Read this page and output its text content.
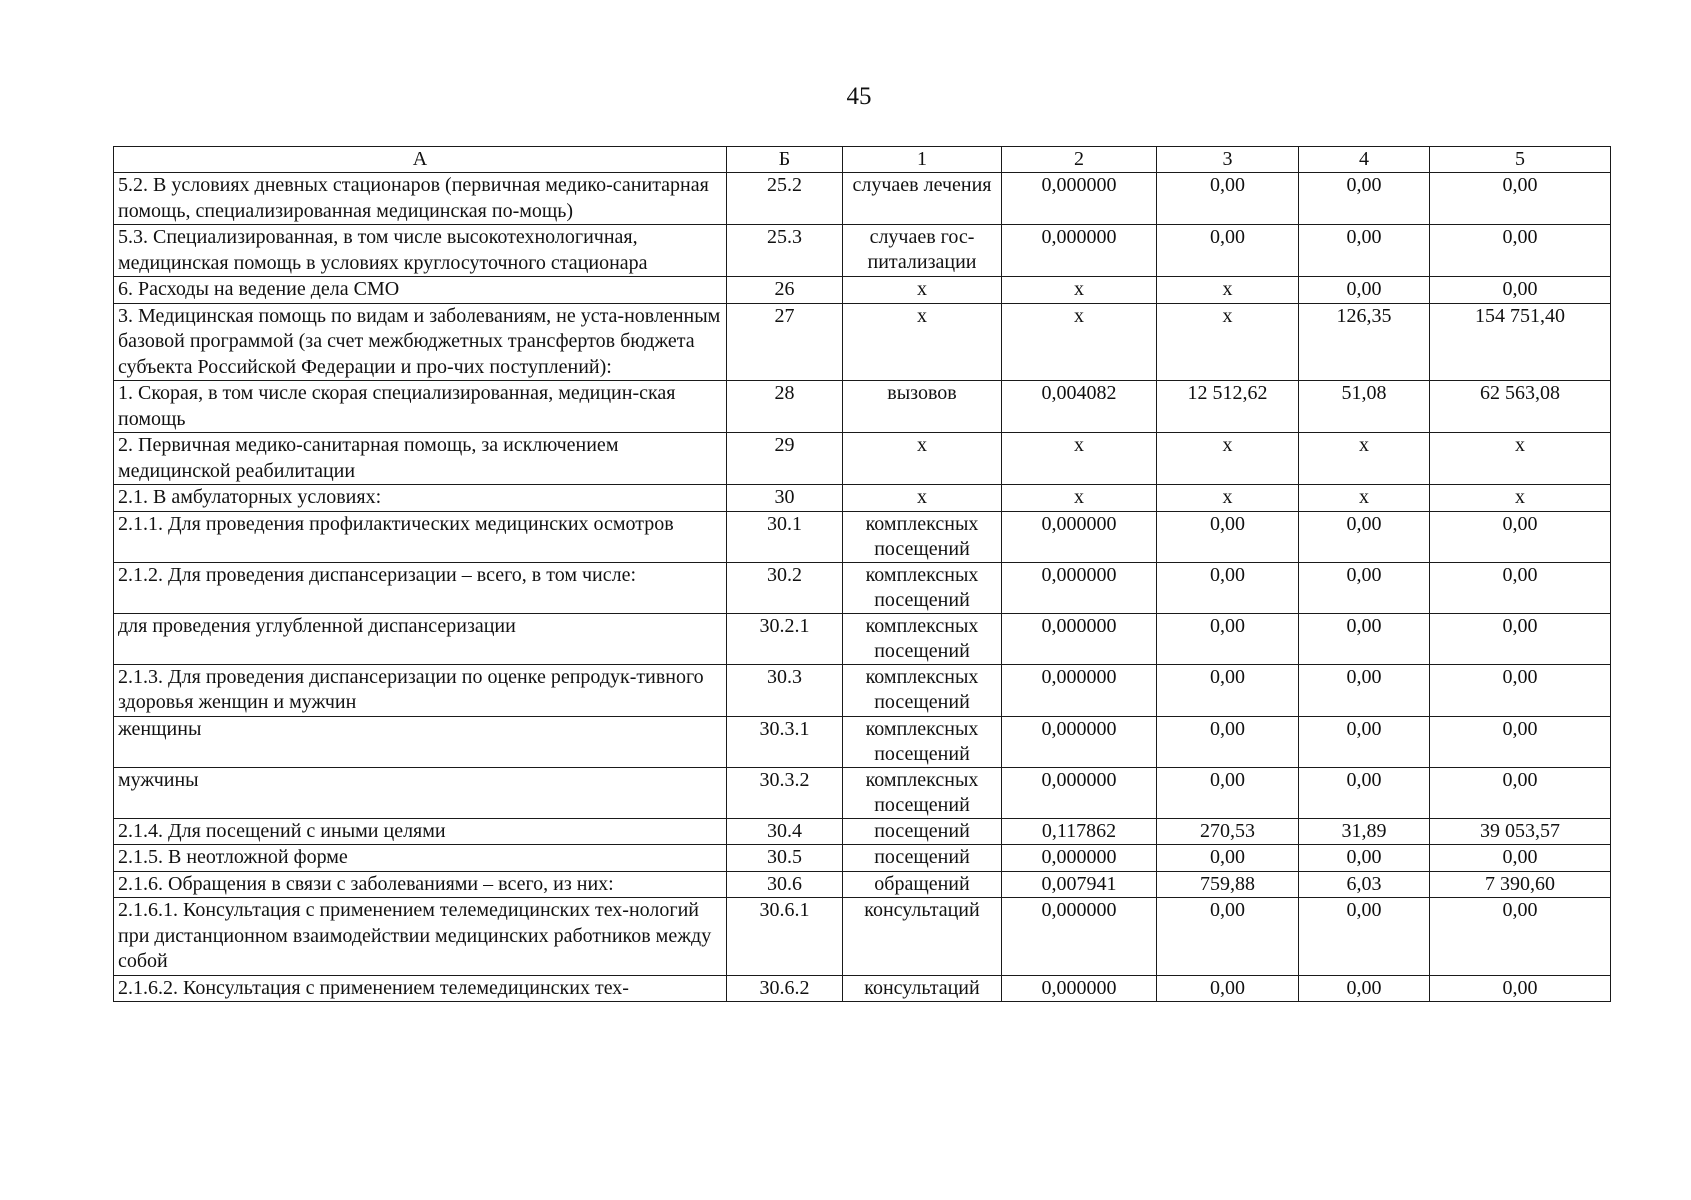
45
А	Б	1	2	3	4	5
5.2. В условиях дневных стационаров (первичная медико-санитарная помощь, специализированная медицинская по-мощь)	25.2	случаев лечения	0,000000	0,00	0,00	0,00
5.3. Специализированная, в том числе высокотехнологичная, медицинская помощь в условиях круглосуточного стационара	25.3	случаев гос-питализации	0,000000	0,00	0,00	0,00
6. Расходы на ведение дела СМО	26	x	x	x	0,00	0,00
3. Медицинская помощь по видам и заболеваниям, не уста-новленным базовой программой (за счет межбюджетных трансфертов бюджета субъекта Российской Федерации и про-чих поступлений):	27	x	x	x	126,35	154 751,40
1. Скорая, в том числе скорая специализированная, медицин-ская помощь	28	вызовов	0,004082	12 512,62	51,08	62 563,08
2. Первичная медико-санитарная помощь, за исключением медицинской реабилитации	29	x	x	x	x	x
2.1. В амбулаторных условиях:	30	x	x	x	x	x
2.1.1. Для проведения профилактических медицинских осмотров	30.1	комплексных посещений	0,000000	0,00	0,00	0,00
2.1.2. Для проведения диспансеризации – всего, в том числе:	30.2	комплексных посещений	0,000000	0,00	0,00	0,00
для проведения углубленной диспансеризации	30.2.1	комплексных посещений	0,000000	0,00	0,00	0,00
2.1.3. Для проведения диспансеризации по оценке репродук-тивного здоровья женщин и мужчин	30.3	комплексных посещений	0,000000	0,00	0,00	0,00
женщины	30.3.1	комплексных посещений	0,000000	0,00	0,00	0,00
мужчины	30.3.2	комплексных посещений	0,000000	0,00	0,00	0,00
2.1.4. Для посещений с иными целями	30.4	посещений	0,117862	270,53	31,89	39 053,57
2.1.5. В неотложной форме	30.5	посещений	0,000000	0,00	0,00	0,00
2.1.6. Обращения в связи с заболеваниями – всего, из них:	30.6	обращений	0,007941	759,88	6,03	7 390,60
2.1.6.1. Консультация с применением телемедицинских тех-нологий при дистанционном взаимодействии медицинских работников между собой	30.6.1	консультаций	0,000000	0,00	0,00	0,00
2.1.6.2. Консультация с применением телемедицинских тех-	30.6.2	консультаций	0,000000	0,00	0,00	0,00
